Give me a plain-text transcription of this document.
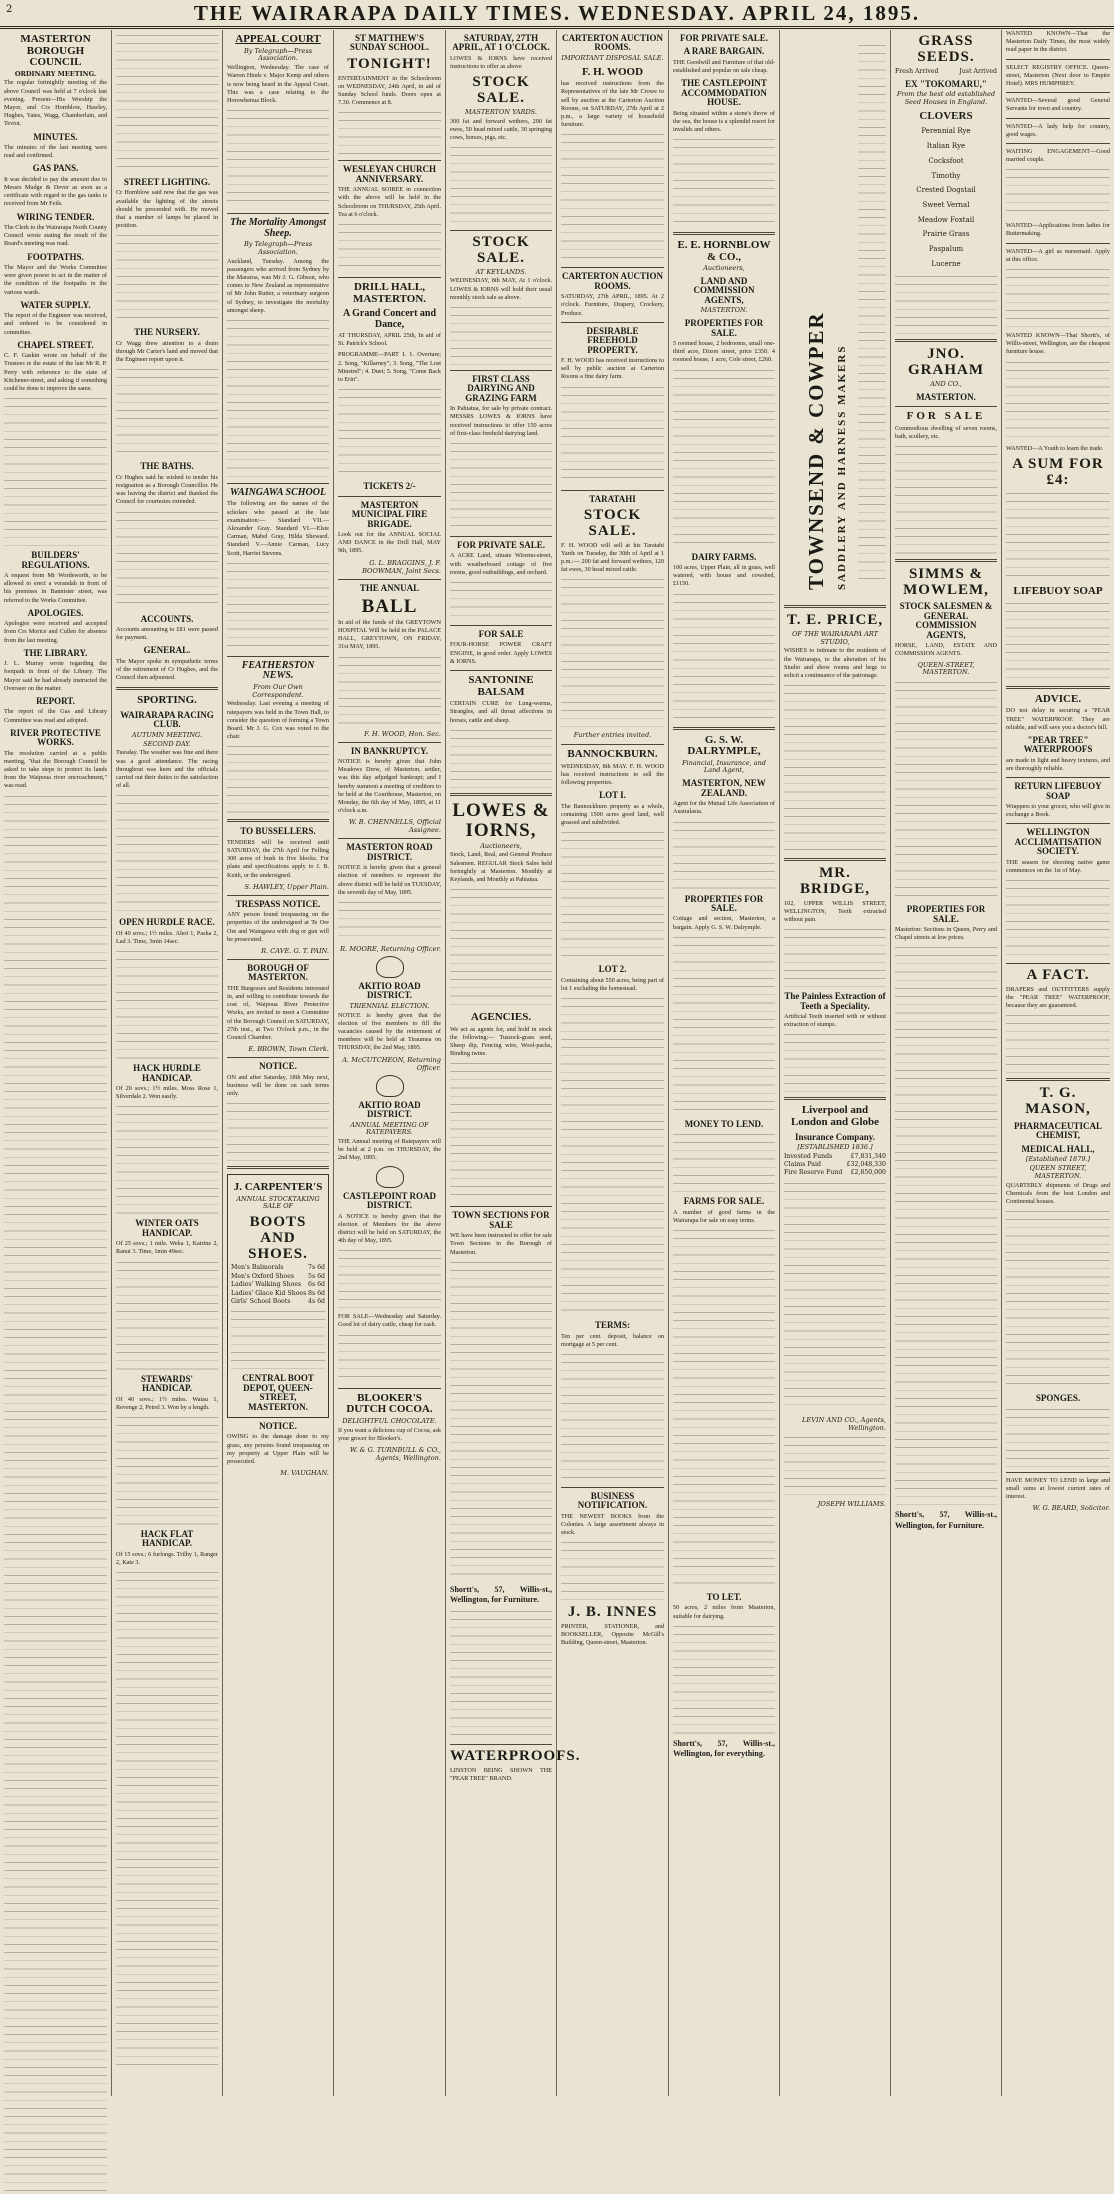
2	THE WAIRARAPA DAILY TIMES. WEDNESDAY. APRIL 24, 1895.
MASTERTON BOROUGH COUNCIL
ORDINARY MEETING.
The regular fortnightly meeting of the above Council was held at 7 o'clock last evening. Present—His Worship the Mayor, and Crs Hornblow, Hawley, Hughes, Yates, Wagg, Chamberlain, and Teviot.
MINUTES.
The minutes of the last meeting were read and confirmed.
GAS PANS.
It was decided to pay the amount due to Messrs Mudge & Dever as soon as a certificate with regard to the gas tanks is received from Mr Feils.
WIRING TENDER.
The Clerk to the Wairarapa North County Council wrote stating the result of the Board's meeting was read.
FOOTPATHS.
The Mayor and the Works Committee were given power to act in the matter of the condition of the footpaths in the various wards.
WATER SUPPLY.
The report of the Engineer was received, and ordered to be considered in committee.
CHAPEL STREET.
C. F. Gaskin wrote on behalf of the Trustees re the estate of the late Mr R. P. Perry with reference to the state of Kitchener-street, and asking if something could be done to improve the same.
BUILDERS' REGULATIONS.
A request from Mr Wordsworth, to be allowed to erect a verandah in front of his premises in Bannister street, was referred to the Works Committee.
APOLOGIES.
Apologies were received and accepted from Crs Morice and Cullen for absence from the last meeting.
THE LIBRARY.
J. L. Murray wrote regarding the footpath in front of the Library. The Mayor said he had already instructed the Overseer on the matter.
REPORT.
The report of the Gas and Library Committee was read and adopted.
RIVER PROTECTIVE WORKS.
The resolution carried at a public meeting, "that the Borough Council be asked to take steps to protect its lands from the Waipoua river encroachment," was read.
STREET LIGHTING.
Cr Hornblow said now that the gas was available the lighting of the streets should be proceeded with. He moved that a number of lamps be placed in position.
THE NURSERY.
Cr Wagg drew attention to a drain through Mr Carter's land and moved that the Engineer report upon it.
THE BATHS.
Cr Hughes said he wished to tender his resignation as a Borough Councillor. He was leaving the district and thanked the Council for courtesies extended.
ACCOUNTS.
Accounts amounting to £81 were passed for payment.
GENERAL.
The Mayor spoke in sympathetic terms of the retirement of Cr Hughes, and the Council then adjourned.
SPORTING.
WAIRARAPA RACING CLUB.
AUTUMN MEETING.
SECOND DAY.
Tuesday. The weather was fine and there was a good attendance. The racing throughout was keen and the officials carried out their duties to the satisfaction of all.
OPEN HURDLE RACE.
Of 40 sovs.; 1½ miles. Alert 1, Pasha 2, Lad 3. Time, 3min 14sec.
HACK HURDLE HANDICAP.
Of 20 sovs.; 1½ miles. Moss Rose 1, Silverdale 2. Won easily.
WINTER OATS HANDICAP.
Of 25 sovs.; 1 mile. Weka 1, Katrine 2, Ranui 3. Time, 1min 49sec.
STEWARDS' HANDICAP.
Of 40 sovs.; 1½ miles. Waiau 1, Revenge 2, Petrel 3. Won by a length.
HACK FLAT HANDICAP.
Of 15 sovs.; 6 furlongs. Trilby 1, Ranger 2, Kate 3.
APPEAL COURT
By Telegraph—Press Association.
Wellington, Wednesday. The case of Warren Hinds v. Major Kemp and others is now being heard in the Appeal Court. This was a case relating to the Horowhenua Block.
The Mortality Amongst Sheep.
By Telegraph—Press Association.
Auckland, Tuesday. Among the passengers who arrived from Sydney by the Mararoa, was Mr J. G. Gibson, who comes to New Zealand as representative of Mr John Rutter, a veterinary surgeon of Sydney, to investigate the mortality amongst sheep.
WAINGAWA SCHOOL
The following are the names of the scholars who passed at the late examination:— Standard VII.—Alexander Gray. Standard VI.—Elsie Carman, Mabel Gray, Hilda Sheward. Standard V.—Annie Carman, Lucy Scott, Harriet Stevens.
FEATHERSTON NEWS.
From Our Own Correspondent.
Wednesday. Last evening a meeting of ratepayers was held in the Town Hall, to consider the question of forming a Town Board. Mr J. G. Cox was voted to the chair.
TO BUSSELLERS.
TENDERS will be received until SATURDAY, the 27th April for Felling 300 acres of bush in five blocks. For plans and specifications apply to J. B. Keith, or the undersigned.
S. HAWLEY, Upper Plain.
TRESPASS NOTICE.
ANY person found trespassing on the properties of the undersigned at Te Ore Ore and Waingawa with dog or gun will be prosecuted.
R. CAVE. G. T. PAIN.
BOROUGH OF MASTERTON.
THE Burgesses and Residents interested in, and willing to contribute towards the cost of, Waipoua River Protective Works, are invited to meet a Committee of the Borough Council on SATURDAY, 27th inst., at Two O'clock p.m., in the Council Chamber.
E. BROWN, Town Clerk.
NOTICE.
ON and after Saturday, 18th May next, business will be done on cash terms only.
J. CARPENTER'S
ANNUAL STOCKTAKING SALE OF
BOOTS AND SHOES.
Men's Balmorals	7s 6d
Men's Oxford Shoes 5s 6d
Ladies' Walking Shoes 6s 6d
Ladies' Glace Kid Shoes 8s 6d
Girls' School Boots	4s 6d
CENTRAL BOOT DEPOT, QUEEN-STREET, MASTERTON.
NOTICE.
OWING to the damage done to my grass, any persons found trespassing on my property at Upper Plain will be prosecuted.
M. VAUGHAN.
ST MATTHEW'S SUNDAY SCHOOL.
TONIGHT!
ENTERTAINMENT in the Schoolroom on WEDNESDAY, 24th April, in aid of Sunday School funds. Doors open at 7.30. Commence at 8.
WESLEYAN CHURCH ANNIVERSARY.
THE ANNUAL SOIREE in connection with the above will be held in the Schoolroom on THURSDAY, 25th April. Tea at 6 o'clock.
DRILL HALL, MASTERTON.
A Grand Concert and Dance,
AT THURSDAY, APRIL 25th, In aid of St. Patrick's School.
PROGRAMME—PART I. 1. Overture; 2. Song, "Killarney"; 3. Song, "The Lost Minstrel"; 4. Duet; 5. Song, "Come Back to Erin".
TICKETS 2/-
MASTERTON MUNICIPAL FIRE BRIGADE.
Look out for the ANNUAL SOCIAL AND DANCE in the Drill Hall, MAY 9th, 1895.
G. L. BRAGGINS, J. F. BOOWMAN, Joint Secs.
THE ANNUAL
BALL
In aid of the funds of the GREYTOWN HOSPITAL Will be held in the PALACE HALL, GREYTOWN, ON FRIDAY, 31st MAY, 1895.
F. H. WOOD, Hon. Sec.
IN BANKRUPTCY.
NOTICE is hereby given that John Meadows Drew, of Masterton, settler, was this day adjudged bankrupt; and I hereby summon a meeting of creditors to be held at the Courthouse, Masterton, on Monday, the 6th day of May, 1895, at 11 o'clock a.m.
W. B. CHENNELLS, Official Assignee.
MASTERTON ROAD DISTRICT.
NOTICE is hereby given that a general election of members to represent the above district will be held on TUESDAY, the seventh day of May, 1895.
R. MOORE, Returning Officer.
AKITIO ROAD DISTRICT.
TRIENNIAL ELECTION.
NOTICE is hereby given that the election of five members to fill the vacancies caused by the retirement of members will be held at Tiraumea on THURSDAY, the 2nd May, 1895.
A. McCUTCHEON, Returning Officer.
AKITIO ROAD DISTRICT.
ANNUAL MEETING OF RATEPAYERS.
THE Annual meeting of Ratepayers will be held at 2 p.m. on THURSDAY, the 2nd May, 1895.
CASTLEPOINT ROAD DISTRICT.
A NOTICE is hereby given that the election of Members for the above district will be held on SATURDAY, the 4th day of May, 1895.
FOR SALE—Wednesday and Saturday. Good lot of dairy cattle, cheap for cash.
BLOOKER'S DUTCH COCOA.
DELIGHTFUL CHOCOLATE.
If you want a delicious cup of Cocoa, ask your grocer for Blooker's.
W. & G. TURNBULL & CO., Agents, Wellington.
SATURDAY, 27TH APRIL, AT 1 O'CLOCK.
LOWES & IORNS have received instructions to offer as above
STOCK SALE.
MASTERTON YARDS.
300 fat and forward wethers, 200 fat ewes, 50 head mixed cattle, 30 springing cows, horses, pigs, etc.
STOCK SALE.
AT KEYLANDS.
WEDNESDAY, 8th MAY, At 1 o'clock. LOWES & IORNS will hold their usual monthly stock sale as above.
FIRST CLASS DAIRYING AND GRAZING FARM
In Pahiatua, for sale by private contract. MESSRS LOWES & IORNS have received instructions to offer 150 acres of first-class freehold dairying land.
FOR PRIVATE SALE.
A ACRE Land, situate Wiremu-street, with weatherboard cottage of five rooms, good outbuildings, and orchard.
FOR SALE
FOUR-HORSE POWER CRAFT ENGINE, in good order. Apply LOWES & IORNS.
SANTONINE BALSAM
CERTAIN CURE for Lung-worms, Strangles, and all throat affections in horses, cattle and sheep.
LOWES & IORNS,
Auctioneers,
Stock, Land, Real, and General Produce Salesmen. REGULAR Stock Sales held fortnightly at Masterton. Monthly at Keylands, and Monthly at Pahiatua.
AGENCIES.
We act as agents for, and hold in stock the following:— Tussock-grass seed, Sheep dip, Fencing wire, Wool-packs, Binding twine.
TOWN SECTIONS FOR SALE
WE have been instructed to offer for sale Town Sections in the Borough of Masterton.
Shortt's, 57, Willis-st., Wellington, for Furniture.
WATERPROOFS.
LINSTON BEING SHOWN THE "PEAR TREE" BRAND.
CARTERTON AUCTION ROOMS.
IMPORTANT DISPOSAL SALE.
F. H. WOOD
has received instructions from the Representatives of the late Mr Crowe to sell by auction at the Carterton Auction Rooms, on SATURDAY, 27th April at 2 p.m., a large variety of household furniture.
CARTERTON AUCTION ROOMS.
SATURDAY, 27th APRIL, 1895. At 2 o'clock. Furniture, Drapery, Crockery, Produce.
DESIRABLE FREEHOLD PROPERTY.
F. H. WOOD has received instructions to sell by public auction at Carterton Rooms a fine dairy farm.
TARATAHI
STOCK SALE.
F. H. WOOD will sell at his Taratahi Yards on Tuesday, the 30th of April at 1 p.m.:— 200 fat and forward wethers, 120 fat ewes, 30 head mixed cattle.
Further entries invited.
BANNOCKBURN.
WEDNESDAY, 8th MAY. F. H. WOOD has received instructions to sell the following properties.
LOT I.
The Bannockburn property as a whole, containing 1500 acres good land, well grassed and subdivided.
LOT 2.
Containing about 550 acres, being part of lot 1 excluding the homestead.
TERMS:
Ten per cent. deposit, balance on mortgage at 5 per cent.
BUSINESS NOTIFICATION.
THE NEWEST BOOKS from the Colonies. A large assortment always in stock.
J. B. INNES
PRINTER, STATIONER, and BOOKSELLER, Opposite McGill's Building, Queen-street, Masterton.
FOR PRIVATE SALE.
A RARE BARGAIN.
THE Goodwill and Furniture of that old-established and popular on sale cheap.
THE CASTLEPOINT ACCOMMODATION HOUSE.
Being situated within a stone's throw of the sea, the house is a splendid resort for invalids and others.
E. E. HORNBLOW & CO.,
Auctioneers,
LAND AND COMMISSION AGENTS,
MASTERTON.
PROPERTIES FOR SALE.
5 roomed house, 2 bedrooms, small one-third acre, Dixon street, price £350. 4 roomed house, 1 acre, Cole street, £260.
DAIRY FARMS.
100 acres, Upper Plain, all in grass, well watered, with house and cowshed, £1150.
G. S. W. DALRYMPLE,
Financial, Insurance, and Land Agent,
MASTERTON, NEW ZEALAND.
Agent for the Mutual Life Association of Australasia.
PROPERTIES FOR SALE.
Cottage and section, Masterton, a bargain. Apply G. S. W. Dalrymple.
MONEY TO LEND.
FARMS FOR SALE.
A number of good farms in the Wairarapa for sale on easy terms.
TO LET.
50 acres, 2 miles from Masterton, suitable for dairying.
Shortt's, 57, Willis-st., Wellington, for everything.
TOWNSEND & COWPER SADDLERY AND HARNESS MAKERS
T. E. PRICE,
OF THE WAIRARAPA ART STUDIO,
WISHES to intimate to the residents of the Wairarapa, to the alteration of his Studio and show rooms and begs to solicit a continuance of the patronage.
MR. BRIDGE,
102, UPPER WILLIS STREET, WELLINGTON, Teeth extracted without pain.
The Painless Extraction of Teeth a Speciality.
Artificial Teeth inserted with or without extraction of stumps.
Liverpool and London and Globe
Insurance Company.
[ESTABLISHED 1836.]
Invested Funds	£7,831,340
Claims Paid	£32,048,330
Fire Reserve Fund £2,850,000
LEVIN AND CO., Agents, Wellington.
JOSEPH WILLIAMS.
GRASS SEEDS.
Fresh Arrived	Just Arrived
EX "TOKOMARU,"
From the best old established Seed Houses in England.
CLOVERS
Perennial Rye
Italian Rye
Cocksfoot
Timothy
Crested Dogstail
Sweet Vernal
Meadow Foxtail
Prairie Grass
Paspalum
Lucerne
JNO. GRAHAM
AND CO.,
MASTERTON.
FOR SALE
Commodious dwelling of seven rooms, bath, scullery, etc.
SIMMS & MOWLEM,
STOCK SALESMEN & GENERAL COMMISSION AGENTS,
HORSE, LAND, ESTATE AND COMMISSION AGENTS.
QUEEN-STREET, MASTERTON.
PROPERTIES FOR SALE.
Masterton: Sections in Queen, Perry and Chapel streets at low prices.
Shortt's, 57, Willis-st., Wellington, for Furniture.
WANTED KNOWN—That the Masterton Daily Times, the most widely read paper in the district.
SELECT REGISTRY OFFICE. Queen-street, Masterton (Next door to Empire Hotel). MRS HUMPHREY.
WANTED—Several good General Servants for town and country.
WANTED—A lady help for country, good wages.
WAITING ENGAGEMENT—Good married couple.
WANTED—Applications from ladies for Buttermaking.
WANTED—A girl as nursemaid. Apply at this office.
WANTED KNOWN—That Shortt's, of Willis-street, Wellington, are the cheapest furniture house.
WANTED—A Youth to learn the trade.
A SUM FOR £4:
LIFEBUOY SOAP
ADVICE.
DO not delay in securing a "PEAR TREE" WATERPROOF. They are reliable, and will save you a doctor's bill.
"PEAR TREE" WATERPROOFS
are made in light and heavy textures, and are thoroughly reliable.
RETURN LIFEBUOY SOAP
Wrappers to your grocer, who will give in exchange a Book.
WELLINGTON ACCLIMATISATION SOCIETY.
THE season for shooting native game commences on the 1st of May.
A FACT.
DRAPERS and OUTFITTERS supply the "PEAR TREE" WATERPROOF, because they are guaranteed.
T. G. MASON,
PHARMACEUTICAL CHEMIST,
MEDICAL HALL,
[Established 1879.]
QUEEN STREET, MASTERTON.
QUARTERLY shipments of Drugs and Chemicals from the best London and Continental houses.
SPONGES.
HAVE MONEY TO LEND in large and small sums at lowest current rates of interest.
W. G. BEARD, Solicitor.
